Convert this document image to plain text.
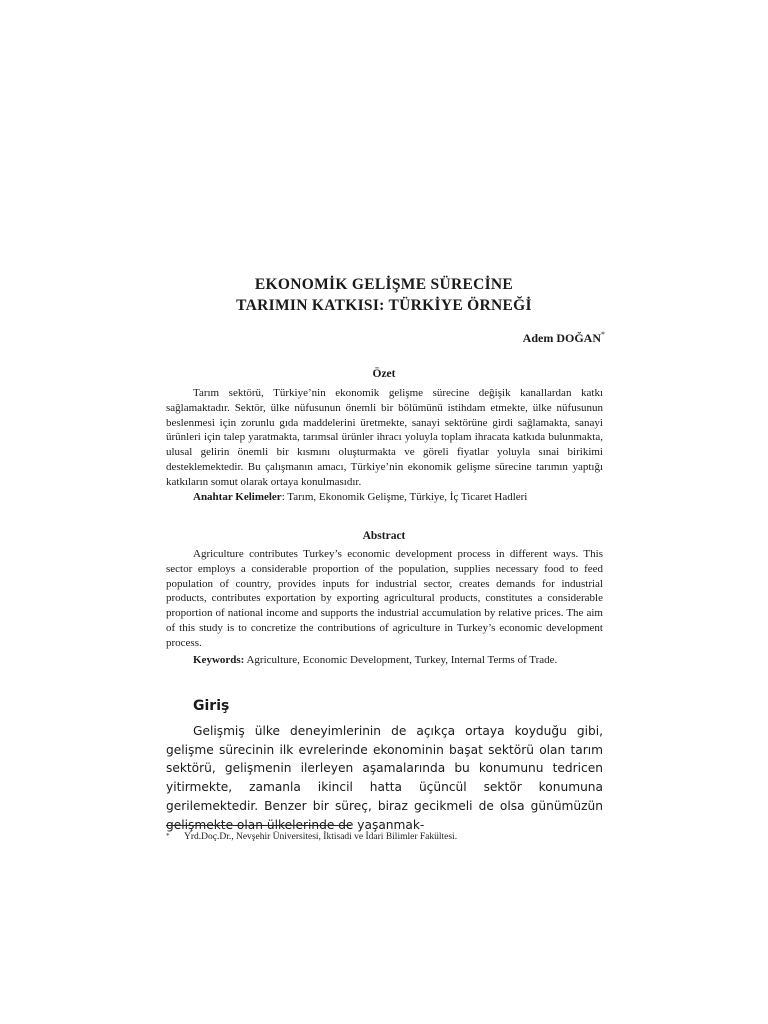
EKONOMİK GELİŞME SÜRECİNE
TARIMIN KATKISI: TÜRKİYE ÖRNEĞİ
Adem DOĞAN*
Özet

Tarım sektörü, Türkiye’nin ekonomik gelişme sürecine değişik kanallardan katkı sağlamaktadır. Sektör, ülke nüfusunun önemli bir bölümünü istihdam etmekte, ülke nüfusunun beslenmesi için zorunlu gıda maddelerini üretmekte, sanayi sektörüne girdi sağlamakta, sanayi ürünleri için talep yaratmakta, tarımsal ürünler ihracı yoluyla toplam ihracata katkıda bulunmakta, ulusal gelirin önemli bir kısmını oluşturmakta ve göreli fiyatlar yoluyla sınai birikimi desteklemektedir. Bu çalışmanın amacı, Türkiye’nin ekonomik gelişme sürecine tarımın yaptığı katkıların somut olarak ortaya konulmasıdır.

Anahtar Kelimeler: Tarım, Ekonomik Gelişme, Türkiye, İç Ticaret Hadleri
Abstract

Agriculture contributes Turkey’s economic development process in different ways. This sector employs a considerable proportion of the population, supplies necessary food to feed population of country, provides inputs for industrial sector, creates demands for industrial products, contributes exportation by exporting agricultural products, constitutes a considerable proportion of national income and supports the industrial accumulation by relative prices. The aim of this study is to concretize the contributions of agriculture in Turkey’s economic development process.

Keywords: Agriculture, Economic Development, Turkey, Internal Terms of Trade.
Giriş

Gelişmiş ülke deneyimlerinin de açıkça ortaya koyduğu gibi, gelişme sürecinin ilk evrelerinde ekonominin başat sektörü olan tarım sektörü, gelişmenin ilerleyen aşamalarında bu konumunu tedricen yitirmekte, zamanla ikincil hatta üçüncül sektör konumuna gerilemektedir. Benzer bir süreç, biraz gecikmeli de olsa günümüzün gelişmekte olan ülkelerinde de yaşanmak-

* Yrd.Doç.Dr., Nevşehir Üniversitesi, İktisadi ve İdari Bilimler Fakültesi.
